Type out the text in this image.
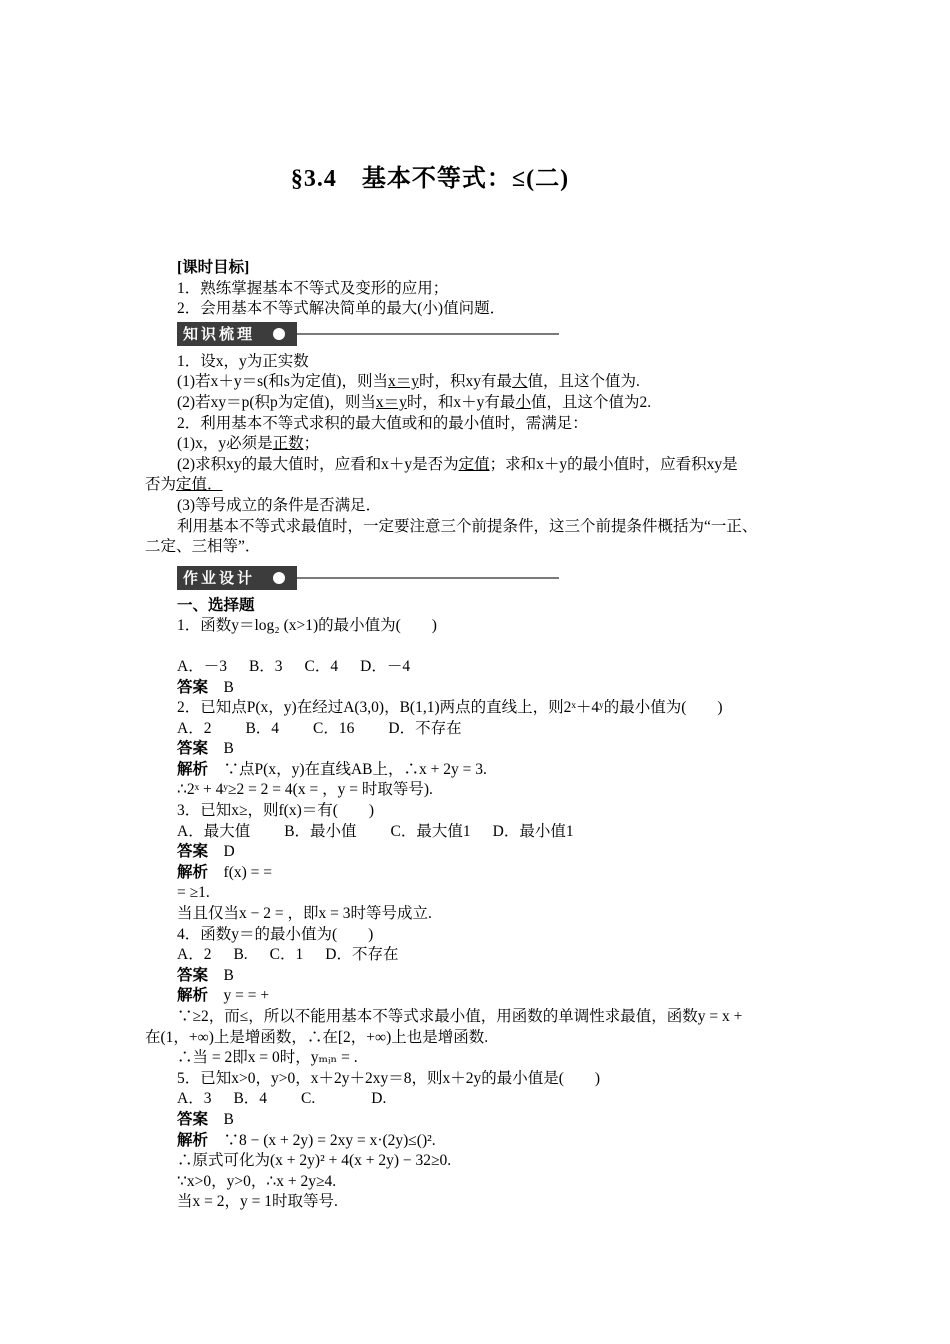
§3.4　基本不等式：≤(二)
[课时目标]
1．熟练掌握基本不等式及变形的应用；
2．会用基本不等式解决简单的最大(小)值问题．
知识梳理
1．设x，y为正实数
(1)若x＋y＝s(和s为定值)，则当x＝y时，积xy有最大值，且这个值为.
(2)若xy＝p(积p为定值)，则当x＝y时，和x＋y有最小值，且这个值为2.
2．利用基本不等式求积的最大值或和的最小值时，需满足：
(1)x，y必须是正数；
(2)求积xy的最大值时，应看和x＋y是否为定值；求和x＋y的最小值时，应看积xy是
否为定值．
(3)等号成立的条件是否满足．
利用基本不等式求最值时，一定要注意三个前提条件，这三个前提条件概括为“一正、
二定、三相等”．
作业设计
一、选择题
1．函数y＝log₂ (x>1)的最小值为(　　)
A．－3 B．3 C．4 D．－4
答案　 B
2．已知点P(x，y)在经过A(3,0)，B(1,1)两点的直线上，则2ˣ＋4ʸ的最小值为(　　)
A．2 B．4 C．16 D．不存在
答案　 B
解析　 ∵点P(x，y)在直线AB上，∴x + 2y = 3.
∴2ˣ + 4ʸ≥2 = 2 = 4(x = ，y = 时取等号).
3．已知x≥，则f(x)＝有(　　)
A．最大值 B．最小值 C．最大值1 D．最小值1
答案　 D
解析　 f(x) = =
= ≥1.
当且仅当x − 2 = ，即x = 3时等号成立.
4．函数y＝的最小值为(　　)
A．2 B. C．1 D．不存在
答案　 B
解析　 y = = +
∵≥2，而≤，所以不能用基本不等式求最小值，用函数的单调性求最值，函数y = x +
在(1，+∞)上是增函数，∴在[2，+∞)上也是增函数.
∴当 = 2即x = 0时，yₘᵢₙ = .
5．已知x>0，y>0，x＋2y＋2xy＝8，则x＋2y的最小值是(　　)
A．3 B．4 C.	D.
答案　 B
解析　 ∵8 − (x + 2y) = 2xy = x·(2y)≤()².
∴原式可化为(x + 2y)² + 4(x + 2y) − 32≥0.
∵x>0，y>0，∴x + 2y≥4.
当x = 2，y = 1时取等号.
